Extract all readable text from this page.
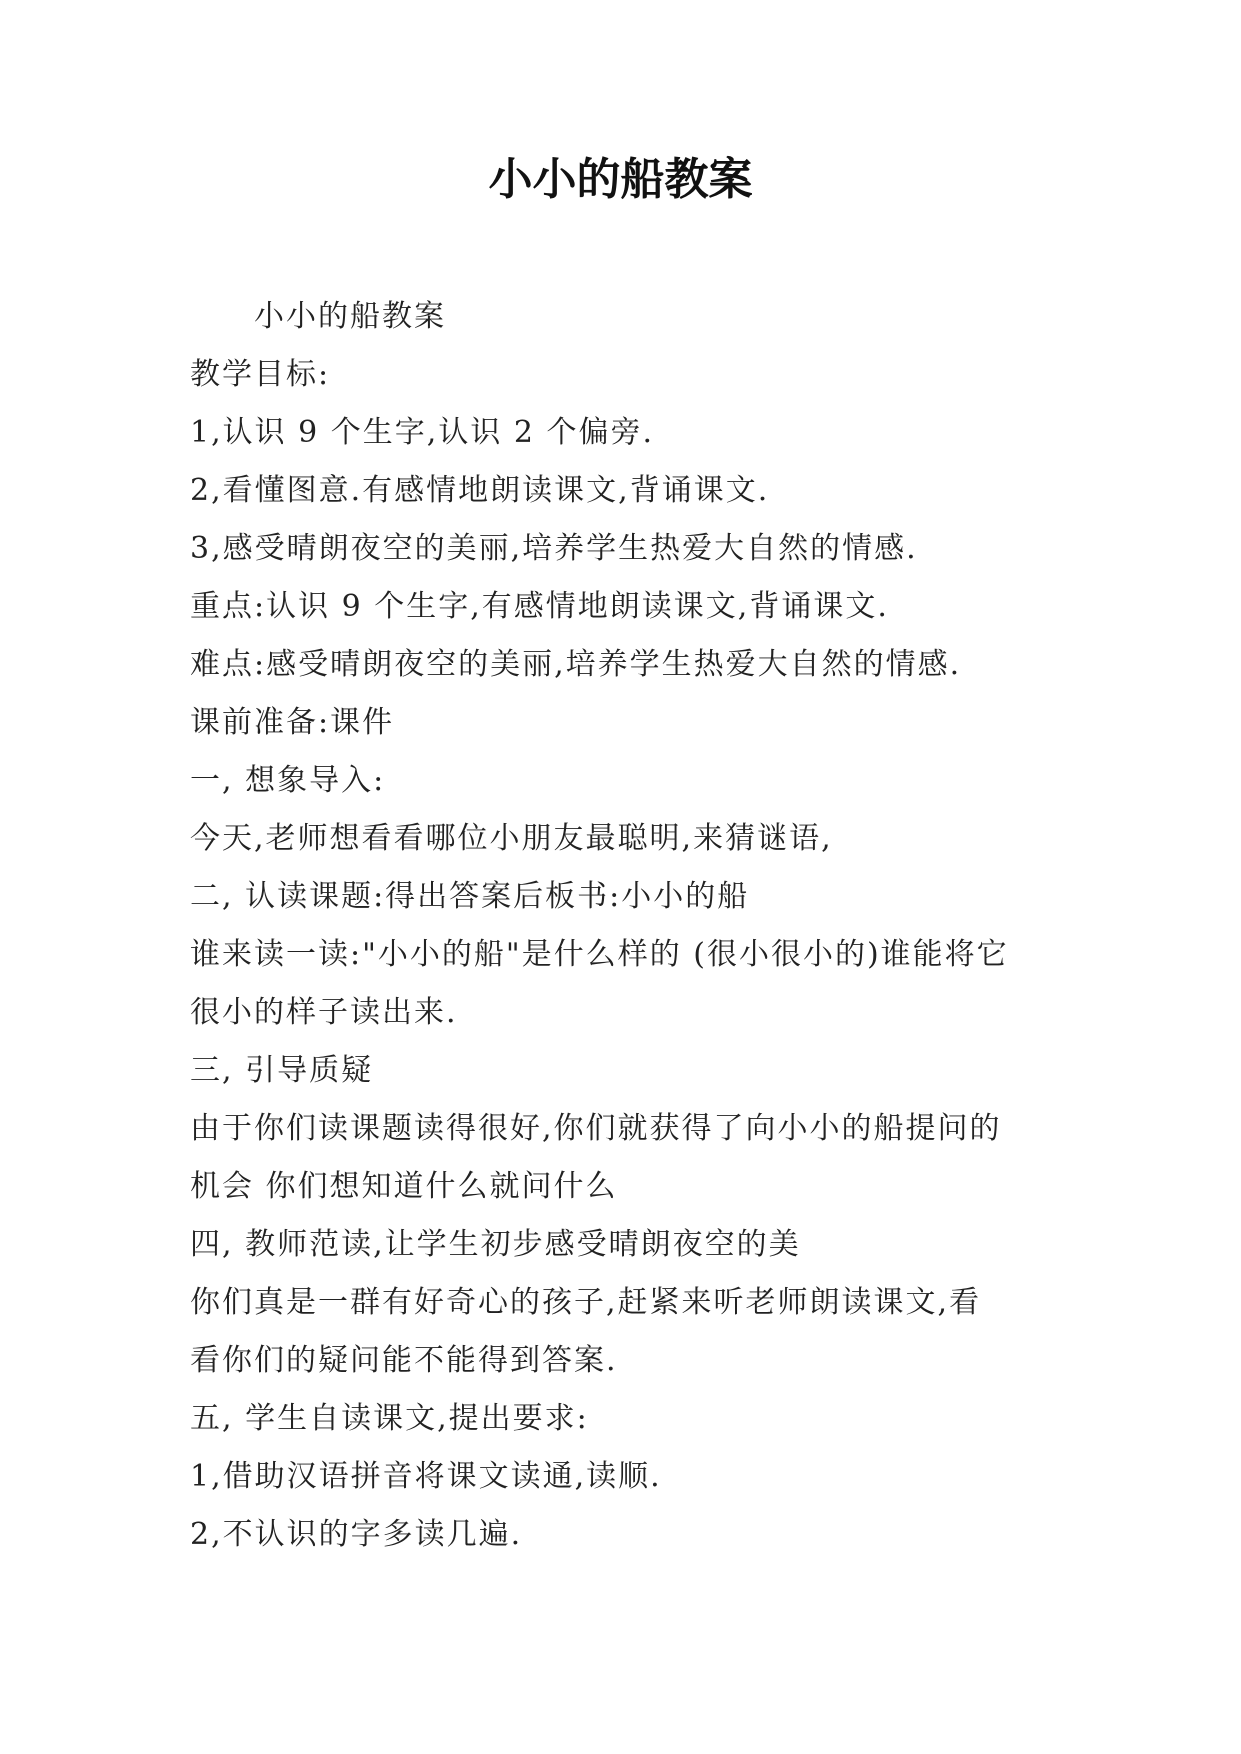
小小的船教案
小小的船教案
教学目标:
1,认识 9 个生字,认识 2 个偏旁.
2,看懂图意.有感情地朗读课文,背诵课文.
3,感受晴朗夜空的美丽,培养学生热爱大自然的情感.
重点:认识 9 个生字,有感情地朗读课文,背诵课文.
难点:感受晴朗夜空的美丽,培养学生热爱大自然的情感.
课前准备:课件
一, 想象导入:
今天,老师想看看哪位小朋友最聪明,来猜谜语,
二, 认读课题:得出答案后板书:小小的船
谁来读一读:"小小的船"是什么样的 (很小很小的)谁能将它
很小的样子读出来.
三, 引导质疑
由于你们读课题读得很好,你们就获得了向小小的船提问的
机会 你们想知道什么就问什么
四, 教师范读,让学生初步感受晴朗夜空的美
你们真是一群有好奇心的孩子,赶紧来听老师朗读课文,看
看你们的疑问能不能得到答案.
五, 学生自读课文,提出要求:
1,借助汉语拼音将课文读通,读顺.
2,不认识的字多读几遍.
